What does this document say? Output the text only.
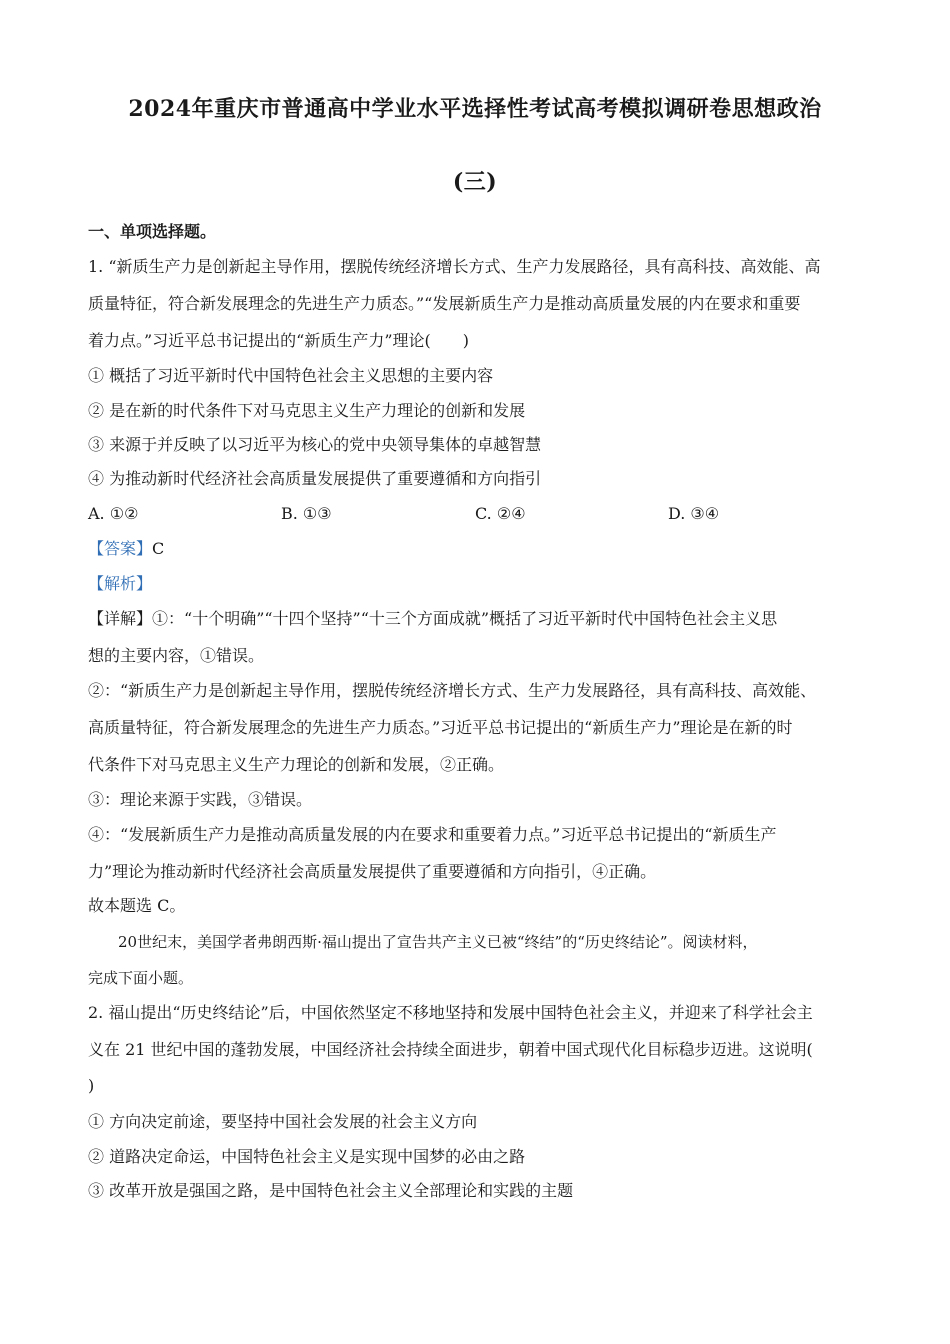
2024年重庆市普通高中学业水平选择性考试高考模拟调研卷思想政治
(三)
一、单项选择题。
1. “新质生产力是创新起主导作用，摆脱传统经济增长方式、生产力发展路径，具有高科技、高效能、高
质量特征，符合新发展理念的先进生产力质态。”“发展新质生产力是推动高质量发展的内在要求和重要
着力点。”习近平总书记提出的“新质生产力”理论(　　)
① 概括了习近平新时代中国特色社会主义思想的主要内容
② 是在新的时代条件下对马克思主义生产力理论的创新和发展
③ 来源于并反映了以习近平为核心的党中央领导集体的卓越智慧
④ 为推动新时代经济社会高质量发展提供了重要遵循和方向指引
A. ①②	B. ①③	C. ②④	D. ③④
【答案】C
【解析】
【详解】①：“十个明确”“十四个坚持”“十三个方面成就”概括了习近平新时代中国特色社会主义思
想的主要内容，①错误。
②：“新质生产力是创新起主导作用，摆脱传统经济增长方式、生产力发展路径，具有高科技、高效能、
高质量特征，符合新发展理念的先进生产力质态。”习近平总书记提出的“新质生产力”理论是在新的时
代条件下对马克思主义生产力理论的创新和发展，②正确。
③：理论来源于实践，③错误。
④：“发展新质生产力是推动高质量发展的内在要求和重要着力点。”习近平总书记提出的“新质生产
力”理论为推动新时代经济社会高质量发展提供了重要遵循和方向指引，④正确。
故本题选 C。
20世纪末，美国学者弗朗西斯·福山提出了宣告共产主义已被“终结”的“历史终结论”。阅读材料，
完成下面小题。
2. 福山提出“历史终结论”后，中国依然坚定不移地坚持和发展中国特色社会主义，并迎来了科学社会主
义在 21 世纪中国的蓬勃发展，中国经济社会持续全面进步，朝着中国式现代化目标稳步迈进。这说明(
)
① 方向决定前途，要坚持中国社会发展的社会主义方向
② 道路决定命运，中国特色社会主义是实现中国梦的必由之路
③ 改革开放是强国之路，是中国特色社会主义全部理论和实践的主题
